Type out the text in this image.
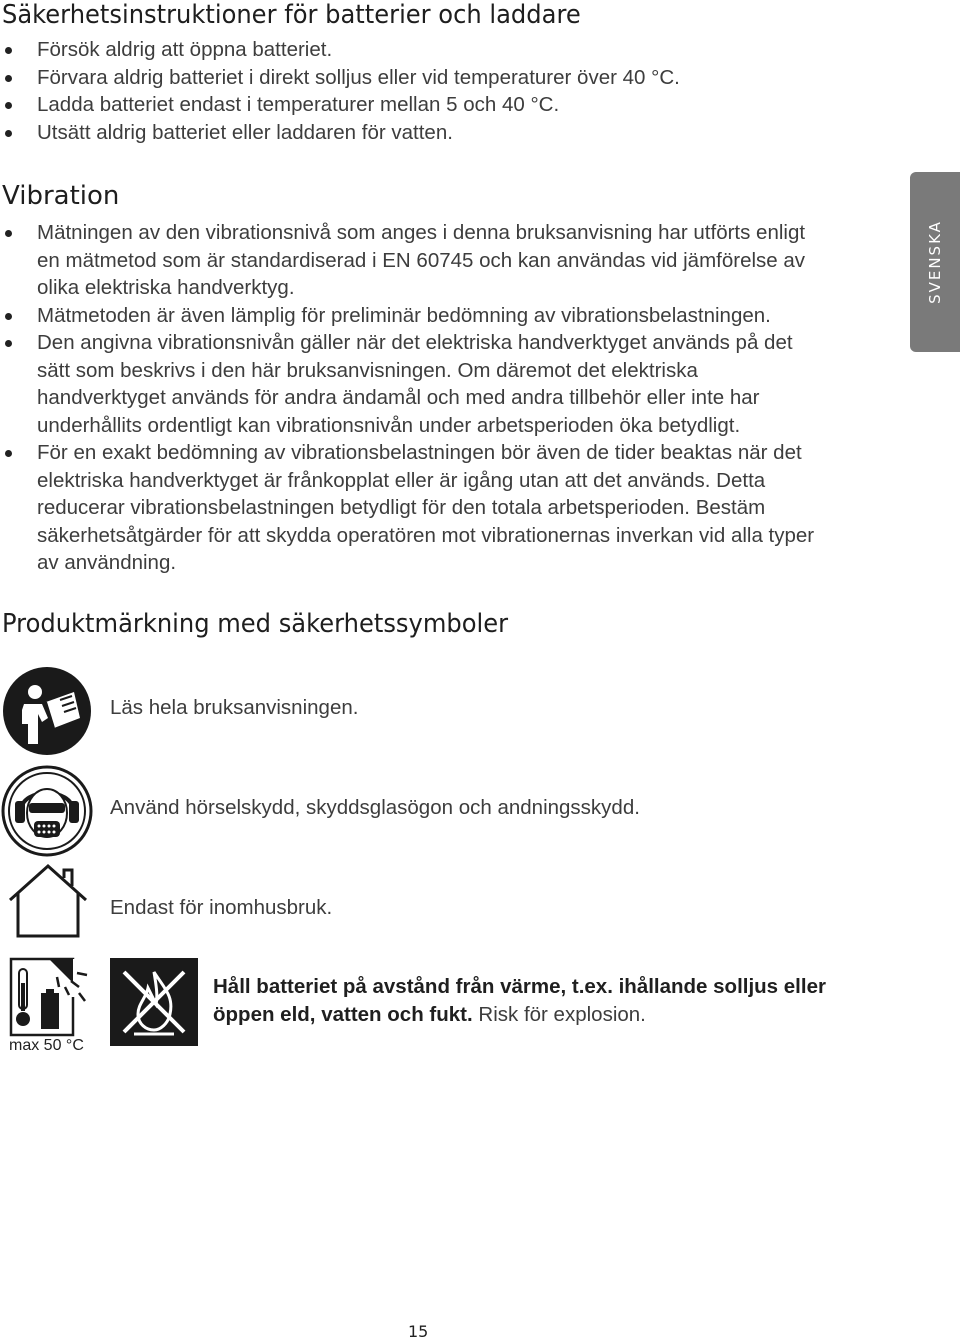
Säkerhetsinstruktioner för batterier och laddare
Försök aldrig att öppna batteriet.
Förvara aldrig batteriet i direkt solljus eller vid temperaturer över 40 °C.
Ladda batteriet endast i temperaturer mellan 5 och 40 °C.
Utsätt aldrig batteriet eller laddaren för vatten.
Vibration
Mätningen av den vibrationsnivå som anges i denna bruksanvisning har utförts enligt en mätmetod som är standardiserad i EN 60745 och kan användas vid jämförelse av olika elektriska handverktyg.
Mätmetoden är även lämplig för preliminär bedömning av vibrationsbelastningen.
Den angivna vibrationsnivån gäller när det elektriska handverktyget används på det sätt som beskrivs i den här bruksanvisningen. Om däremot det elektriska handverktyget används för andra ändamål och med andra tillbehör eller inte har underhållits ordentligt kan vibrationsnivån under arbetsperioden öka betydligt.
För en exakt bedömning av vibrationsbelastningen bör även de tider beaktas när det elektriska handverktyget är frånkopplat eller är igång utan att det används. Detta reducerar vibrationsbelastningen betydligt för den totala arbetsperioden. Bestäm säkerhetsåtgärder för att skydda operatören mot vibrationernas inverkan vid alla typer av användning.
SVENSKA
Produktmärkning med säkerhetssymboler
Läs hela bruksanvisningen.
Använd hörselskydd, skyddsglasögon och andningsskydd.
Endast för inomhusbruk.
max 50 °C
Håll batteriet på avstånd från värme, t.ex. ihållande solljus eller öppen eld, vatten och fukt. Risk för explosion.
15
